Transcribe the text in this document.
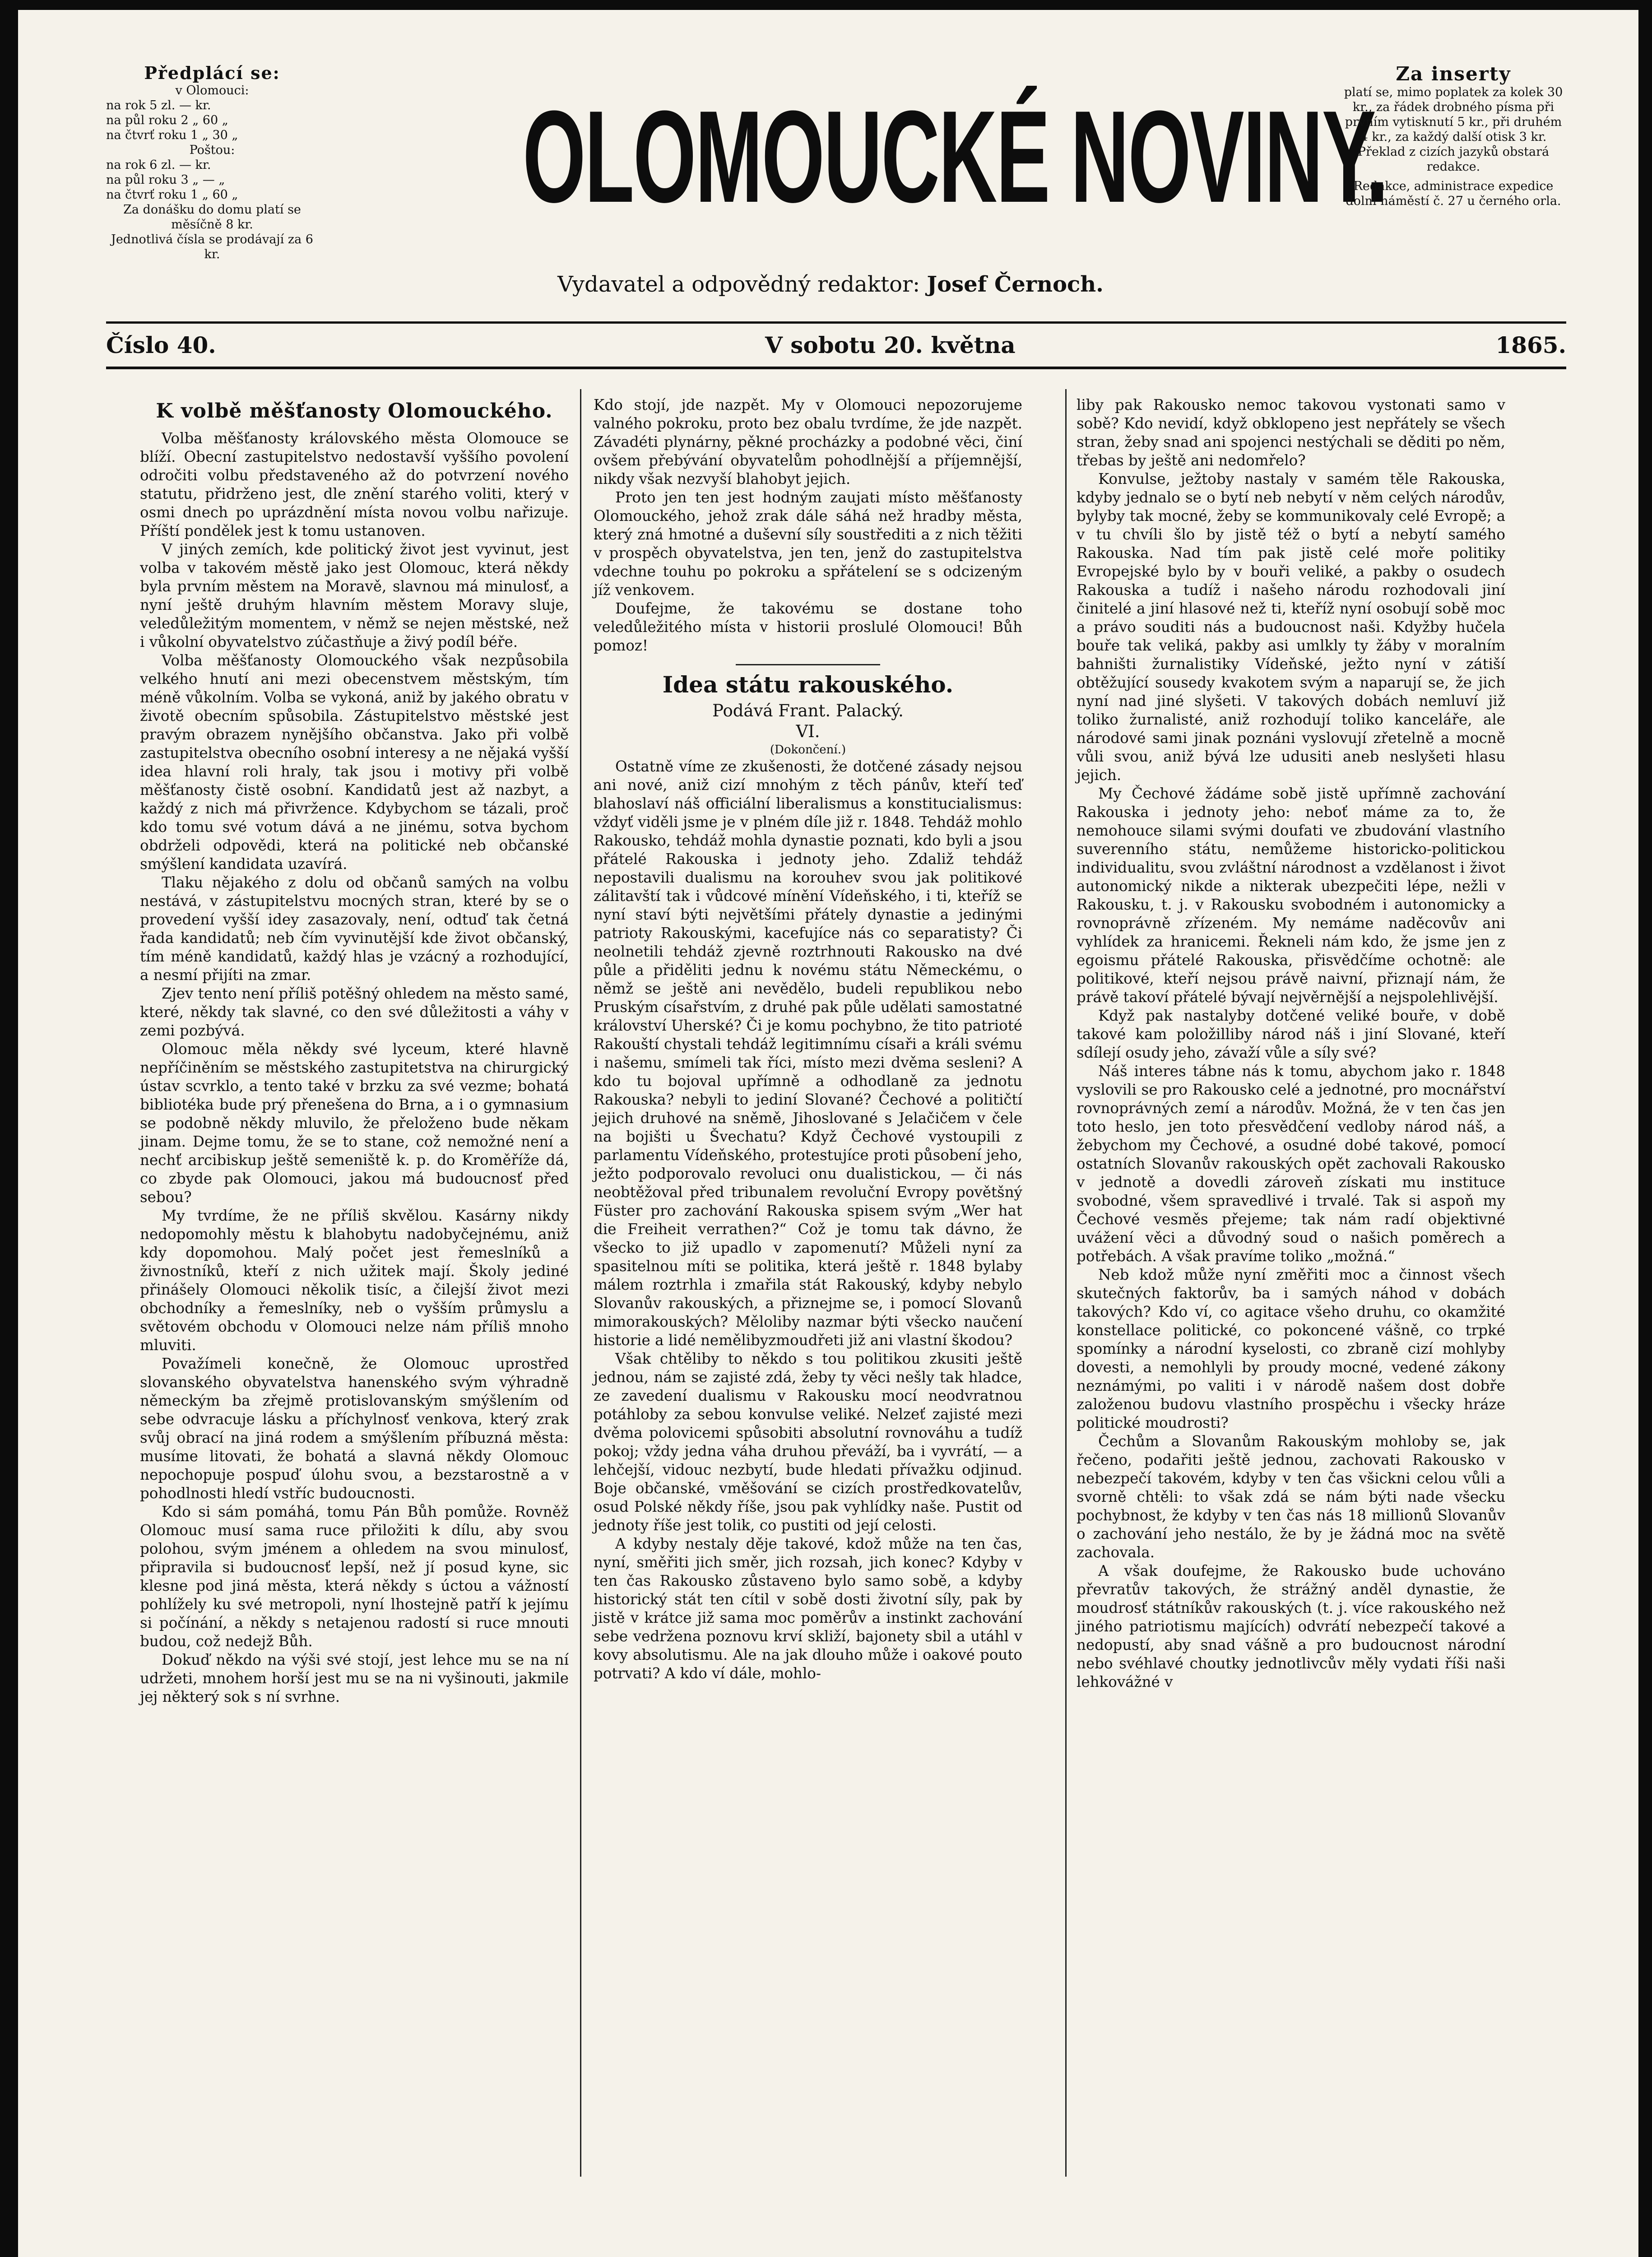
Předplácí se:
v Olomouci:
na rok 5 zl. — kr.
na půl roku 2 „ 60 „
na čtvrť roku 1 „ 30 „
Poštou:
na rok 6 zl. — kr.
na půl roku 3 „ — „
na čtvrť roku 1 „ 60 „
Za donášku do domu platí se měsíčně 8 kr.
Jednotlivá čísla se prodávají za 6 kr.
OLOMOUCKÉ NOVINY.
Vydavatel a odpovědný redaktor: Josef Černoch.
Za inserty

platí se, mimo poplatek za kolek 30 kr., za řádek drobného písma při prvním vytisknutí 5 kr., při druhém 4 kr., za každý další otisk 3 kr. Překlad z cizích jazyků obstará redakce.

Redakce, administrace expedice dolní náměstí č. 27 u černého orla.

Číslo 40.	V sobotu 20. května	1865.
K volbě měšťanosty Olomouckého.

Volba měšťanosty královského města Olomouce se blíží. Obecní zastupitelstvo nedostavší vyššího povolení odročiti volbu představeného až do potvrzení nového statutu, přidrženo jest, dle znění starého voliti, který v osmi dnech po uprázdnění místa novou volbu nařizuje. Příští pondělek jest k tomu ustanoven.

V jiných zemích, kde politický život jest vyvinut, jest volba v takovém městě jako jest Olomouc, která někdy byla prvním městem na Moravě, slavnou má minulosť, a nyní ještě druhým hlavním městem Moravy sluje, veledůležitým momentem, v němž se nejen městské, než i vůkolní obyvatelstvo zúčastňuje a živý podíl béře.

Volba měšťanosty Olomouckého však nezpůsobila velkého hnutí ani mezi obecenstvem městským, tím méně vůkolním. Volba se vykoná, aniž by jakého obratu v životě obecním spůsobila. Zástupitelstvo městské jest pravým obrazem nynějšího občanstva. Jako při volbě zastupitelstva obecního osobní interesy a ne nějaká vyšší idea hlavní roli hraly, tak jsou i motivy při volbě měšťanosty čistě osobní. Kandidatů jest až nazbyt, a každý z nich má přivržence. Kdybychom se tázali, proč kdo tomu své votum dává a ne jinému, sotva bychom obdrželi odpovědi, která na politické neb občanské smýšlení kandidata uzavírá.

Tlaku nějakého z dolu od občanů samých na volbu nestává, v zástupitelstvu mocných stran, které by se o provedení vyšší idey zasazovaly, není, odtuď tak četná řada kandidatů; neb čím vyvinutější kde život občanský, tím méně kandidatů, každý hlas je vzácný a rozhodující, a nesmí přijíti na zmar.

Zjev tento není příliš potěšný ohledem na město samé, které, někdy tak slavné, co den své důležitosti a váhy v zemi pozbývá.

Olomouc měla někdy své lyceum, které hlavně nepříčiněním se městského zastupitetstva na chirurgický ústav scvrklo, a tento také v brzku za své vezme; bohatá bibliotéka bude prý přenešena do Brna, a i o gymnasium se podobně někdy mluvilo, že přeloženo bude někam jinam. Dejme tomu, že se to stane, což nemožné není a nechť arcibiskup ještě semeniště k. p. do Kroměříže dá, co zbyde pak Olomouci, jakou má budoucnosť před sebou?

My tvrdíme, že ne příliš skvělou. Kasárny nikdy nedopomohly městu k blahobytu nadobyčejnému, aniž kdy dopomohou. Malý počet jest řemeslníků a živnostníků, kteří z nich užitek mají. Školy jediné přinášely Olomouci několik tisíc, a čilejší život mezi obchodníky a řemeslníky, neb o vyšším průmyslu a světovém obchodu v Olomouci nelze nám příliš mnoho mluviti.

Považímeli konečně, že Olomouc uprostřed slovanského obyvatelstva hanenského svým výhradně německým ba zřejmě protislovanským smýšlením od sebe odvracuje lásku a příchylnosť venkova, který zrak svůj obrací na jiná rodem a smýšlením příbuzná města: musíme litovati, že bohatá a slavná někdy Olomouc nepochopuje pospuď úlohu svou, a bezstarostně a v pohodlnosti hledí vstříc budoucnosti.

Kdo si sám pomáhá, tomu Pán Bůh pomůže. Rovněž Olomouc musí sama ruce přiložiti k dílu, aby svou polohou, svým jménem a ohledem na svou minulosť, připravila si budoucnosť lepší, než jí posud kyne, sic klesne pod jiná města, která někdy s úctou a vážností pohlížely ku své metropoli, nyní lhostejně patří k jejímu si počínání, a někdy s netajenou radostí si ruce mnouti budou, což nedejž Bůh.

Dokuď někdo na výši své stojí, jest lehce mu se na ní udržeti, mnohem horší jest mu se na ni vyšinouti, jakmile jej některý sok s ní svrhne.

Kdo stojí, jde nazpět. My v Olomouci nepozorujeme valného pokroku, proto bez obalu tvrdíme, že jde nazpět. Závadéti plynárny, pěkné procházky a podobné věci, činí ovšem přebývání obyvatelům pohodlnější a příjemnější, nikdy však nezvyší blahobyt jejich.

Proto jen ten jest hodným zaujati místo měšťanosty Olomouckého, jehož zrak dále sáhá než hradby města, který zná hmotné a duševní síly soustřediti a z nich těžiti v prospěch obyvatelstva, jen ten, jenž do zastupitelstva vdechne touhu po pokroku a spřátelení se s odcizeným jíž venkovem.

Doufejme, že takovému se dostane toho veledůležitého místa v historii proslulé Olomouci! Bůh pomoz!

Idea státu rakouského.
Podává Frant. Palacký.
VI.
(Dokončení.)

Ostatně víme ze zkušenosti, že dotčené zásady nejsou ani nové, aniž cizí mnohým z těch pánův, kteří teď blahoslaví náš officiální liberalismus a konstitucialismus: vždyť viděli jsme je v plném díle již r. 1848. Tehdáž mohlo Rakousko, tehdáž mohla dynastie poznati, kdo byli a jsou přátelé Rakouska i jednoty jeho. Zdaliž tehdáž nepostavili dualismu na korouhev svou jak politikové zálitavští tak i vůdcové mínění Vídeňského, i ti, kteříž se nyní staví býti největšími přátely dynastie a jedinými patrioty Rakouskými, kacefujíce nás co separatisty? Či neolnetili tehdáž zjevně roztrhnouti Rakousko na dvé půle a přiděliti jednu k novému státu Německému, o němž se ještě ani nevědělo, budeli republikou nebo Pruským císařstvím, z druhé pak půle udělati samostatné království Uherské? Či je komu pochybno, že tito patrioté Rakouští chystali tehdáž legitimnímu císaři a králi svému i našemu, smímeli tak říci, místo mezi dvěma sesleni? A kdo tu bojoval upřímně a odhodlaně za jednotu Rakouska? nebyli to jediní Slované? Čechové a političtí jejich druhové na sněmě, Jihoslované s Jelačičem v čele na bojišti u Švechatu? Když Čechové vystoupili z parlamentu Vídeňského, protestujíce proti působení jeho, ježto podporovalo revoluci onu dualistickou, — či nás neobtěžoval před tribunalem revoluční Evropy povětšný Füster pro zachování Rakouska spisem svým „Wer hat die Freiheit verrathen?“ Což je tomu tak dávno, že všecko to již upadlo v zapomenutí? Můželi nyní za spasitelnou míti se politika, která ještě r. 1848 bylaby málem roztrhla i zmařila stát Rakouský, kdyby nebylo Slovanův rakouských, a přiznejme se, i pomocí Slovanů mimorakouských? Měloliby nazmar býti všecko naučení historie a lidé nemělibyzmoudřeti již ani vlastní škodou?

Však chtěliby to někdo s tou politikou zkusiti ještě jednou, nám se zajisté zdá, žeby ty věci nešly tak hladce, ze zavedení dualismu v Rakousku mocí neodvratnou potáhloby za sebou konvulse veliké. Nelzeť zajisté mezi dvěma polovicemi spůsobiti absolutní rovnováhu a tudíž pokoj; vždy jedna váha druhou převáží, ba i vyvrátí, — a lehčejší, vidouc nezbytí, bude hledati přívažku odjinud. Boje občanské, vměšování se cizích prostředkovatelův, osud Polské někdy říše, jsou pak vyhlídky naše. Pustit od jednoty říše jest tolik, co pustiti od její celosti.

A kdyby nestaly děje takové, kdož může na ten čas, nyní, směřiti jich směr, jich rozsah, jich konec? Kdyby v ten čas Rakousko zůstaveno bylo samo sobě, a kdyby historický stát ten cítil v sobě dosti životní síly, pak by jistě v krátce již sama moc poměrův a instinkt zachování sebe vedržena poznovu krví skliží, bajonety sbil a utáhl v kovy absolutismu. Ale na jak dlouho může i oakové pouto potrvati? A kdo ví dále, mohlo-

liby pak Rakousko nemoc takovou vystonati samo v sobě? Kdo nevidí, když obklopeno jest nepřátely se všech stran, žeby snad ani spojenci nestýchali se děditi po něm, třebas by ještě ani nedomřelo?

Konvulse, ježtoby nastaly v samém těle Rakouska, kdyby jednalo se o bytí neb nebytí v něm celých národův, bylyby tak mocné, žeby se kommunikovaly celé Evropě; a v tu chvíli šlo by jistě též o bytí a nebytí samého Rakouska. Nad tím pak jistě celé moře politiky Evropejské bylo by v bouři veliké, a pakby o osudech Rakouska a tudíž i našeho národu rozhodovali jiní činitelé a jiní hlasové než ti, kteříž nyní osobují sobě moc a právo souditi nás a budoucnost naši. Kdyžby hučela bouře tak veliká, pakby asi umlkly ty žáby v moralním bahništi žurnalistiky Vídeňské, ježto nyní v zátiší obtěžující sousedy kvakotem svým a naparují se, že jich nyní nad jiné slyšeti. V takových dobách nemluví již toliko žurnalisté, aniž rozhodují toliko kanceláře, ale národové sami jinak poznáni vyslovují zřetelně a mocně vůli svou, aniž bývá lze udusiti aneb neslyšeti hlasu jejich.

My Čechové žádáme sobě jistě upřímně zachování Rakouska i jednoty jeho: neboť máme za to, že nemohouce silami svými doufati ve zbudování vlastního suverenního státu, nemůžeme historicko-politickou individualitu, svou zvláštní národnost a vzdělanost i život autonomický nikde a nikterak ubezpečiti lépe, nežli v Rakousku, t. j. v Rakousku svobodném i autonomicky a rovnoprávně zřízeném. My nemáme naděcovův ani vyhlídek za hranicemi. Řekneli nám kdo, že jsme jen z egoismu přátelé Rakouska, přisvědčíme ochotně: ale politikové, kteří nejsou právě naivní, přiznají nám, že právě takoví přátelé bývají nejvěrnější a nejspolehlivější.

Když pak nastalyby dotčené veliké bouře, v době takové kam položilliby národ náš i jiní Slované, kteří sdílejí osudy jeho, závaží vůle a síly své?

Náš interes tábne nás k tomu, abychom jako r. 1848 vyslovili se pro Rakousko celé a jednotné, pro mocnářství rovnoprávných zemí a národův. Možná, že v ten čas jen toto heslo, jen toto přesvědčení vedloby národ náš, a žebychom my Čechové, a osudné dobé takové, pomocí ostatních Slovanův rakouských opět zachovali Rakousko v jednotě a dovedli zároveň získati mu instituce svobodné, všem spravedlivé i trvalé. Tak si aspoň my Čechové vesměs přejeme; tak nám radí objektivné uvážení věci a důvodný soud o našich poměrech a potřebách. A však pravíme toliko „možná.“

Neb kdož může nyní změřiti moc a činnost všech skutečných faktorův, ba i samých náhod v dobách takových? Kdo ví, co agitace všeho druhu, co okamžité konstellace politické, co pokoncené vášně, co trpké spomínky a národní kyselosti, co zbraně cizí mohlyby dovesti, a nemohlyli by proudy mocné, vedené zákony neznámými, po valiti i v národě našem dost dobře založenou budovu vlastního prospěchu i všecky hráze politické moudrosti?

Čechům a Slovanům Rakouským mohloby se, jak řečeno, podařiti ještě jednou, zachovati Rakousko v nebezpečí takovém, kdyby v ten čas všickni celou vůli a svorně chtěli: to však zdá se nám býti nade všecku pochybnost, že kdyby v ten čas nás 18 millionů Slovanův o zachování jeho nestálo, že by je žádná moc na světě zachovala.

A však doufejme, že Rakousko bude uchováno převratův takových, že strážný anděl dynastie, že moudrosť státníkův rakouských (t. j. více rakouského než jiného patriotismu majících) odvrátí nebezpečí takové a nedopustí, aby snad vášně a pro budoucnost národní nebo svéhlavé choutky jednotlivcův měly vydati říši naši lehkovážné v
